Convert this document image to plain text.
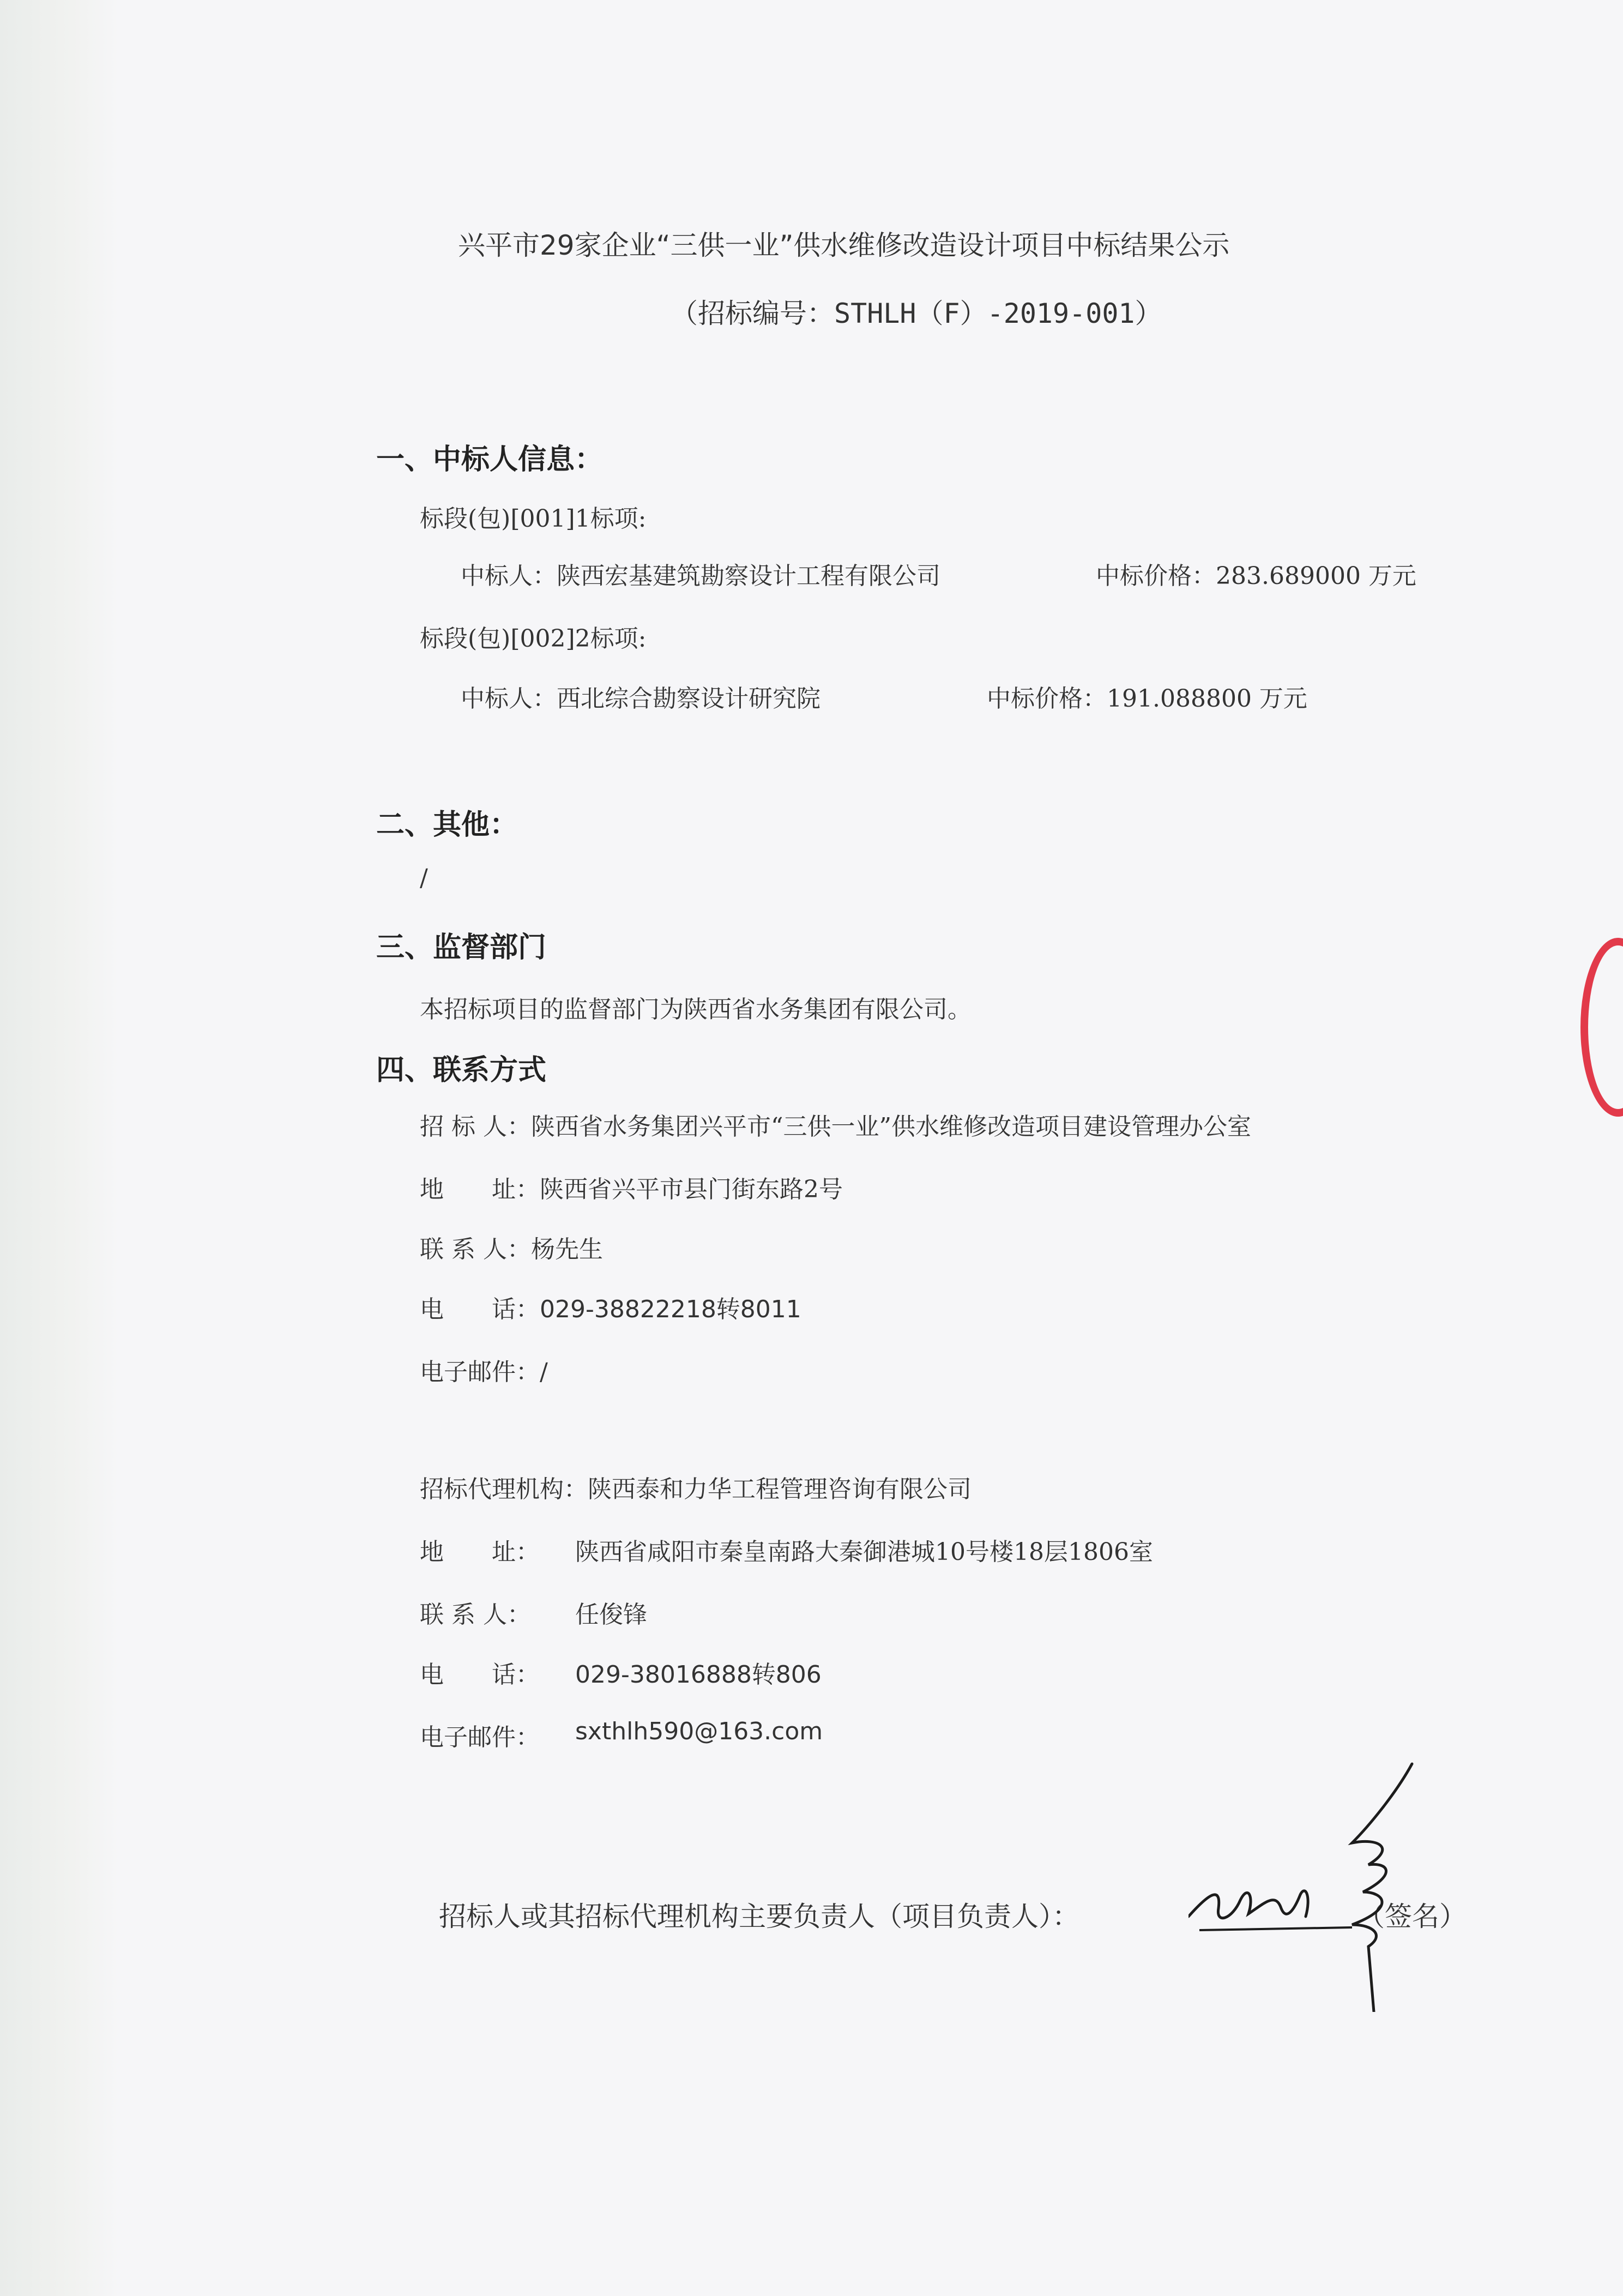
兴平市29家企业“三供一业”供水维修改造设计项目中标结果公示
（招标编号：STHLH（F）-2019-001）
一、中标人信息：
标段(包)[001]1标项:
中标人：陕西宏基建筑勘察设计工程有限公司	中标价格：283.689000 万元
标段(包)[002]2标项:
中标人：西北综合勘察设计研究院	中标价格：191.088800 万元
二、其他：
/
三、监督部门
本招标项目的监督部门为陕西省水务集团有限公司。
四、联系方式
招 标 人：陕西省水务集团兴平市“三供一业”供水维修改造项目建设管理办公室
地　　址：陕西省兴平市县门街东路2号
联 系 人：杨先生
电　　话：029-38822218转8011
电子邮件：/
招标代理机构：陕西泰和力华工程管理咨询有限公司
地　　址： 陕西省咸阳市秦皇南路大秦御港城10号楼18层1806室
联 系 人： 任俊锋
电　　话： 029-38016888转806
电子邮件： sxthlh590@163.com
招标人或其招标代理机构主要负责人（项目负责人）：	（签名）
